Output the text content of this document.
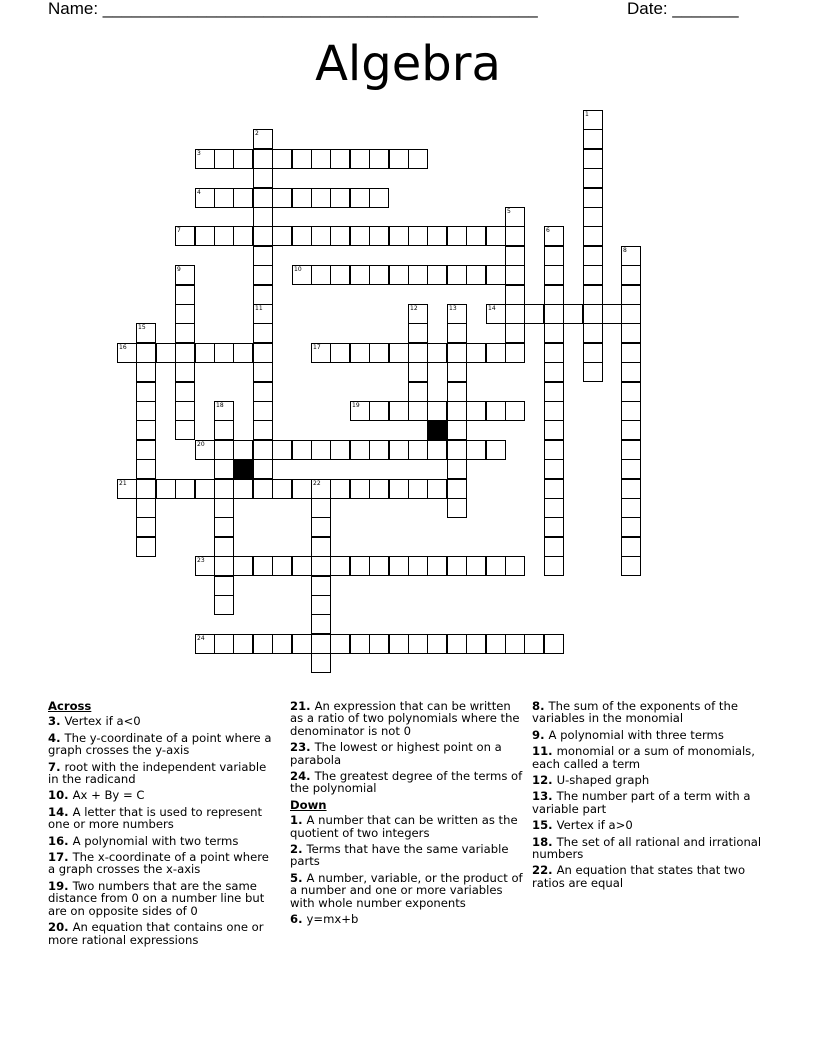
Name: ______________________________________________	Date: _______
Algebra
3
4
7
10
14
16	17
19
20
21	22
23
24
1
2
5
6
8
9
11	12	13
15
18
Across
3. Vertex if a<0
4. The y-coordinate of a point where a graph crosses the y-axis
7. root with the independent variable in the radicand
10. Ax + By = C
14. A letter that is used to represent one or more numbers
16. A polynomial with two terms
17. The x-coordinate of a point where a graph crosses the x-axis
19. Two numbers that are the same distance from 0 on a number line but are on opposite sides of 0
20. An equation that contains one or more rational expressions
21. An expression that can be written as a ratio of two polynomials where the denominator is not 0
23. The lowest or highest point on a parabola
24. The greatest degree of the terms of the polynomial
Down
1. A number that can be written as the quotient of two integers
2. Terms that have the same variable parts
5. A number, variable, or the product of a number and one or more variables with whole number exponents
6. y=mx+b
8. The sum of the exponents of the variables in the monomial
9. A polynomial with three terms
11. monomial or a sum of monomials, each called a term
12. U-shaped graph
13. The number part of a term with a variable part
15. Vertex if a>0
18. The set of all rational and irrational numbers
22. An equation that states that two ratios are equal
